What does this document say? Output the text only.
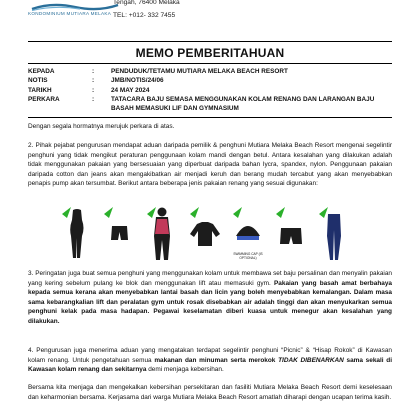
KONDOMINIUM MUTIARA MELAKA
Tengah, 76400 Melaka
TEL: +012- 332 7455
MEMO PEMBERITAHUAN
KEPADA	:	PENDUDUK/TETAMU MUTIARA MELAKA BEACH RESORT
NOTIS	:	JMB/NOTIS/24/06
TARIKH	:	24 MAY 2024
PERKARA	:	TATACARA BAJU SEMASA MENGGUNAKAN KOLAM RENANG DAN LARANGAN BAJU BASAH MEMASUKI LIF DAN GYMNASIUM
Dengan segala hormatnya merujuk perkara di atas.
2. Pihak pejabat pengurusan mendapat aduan daripada pemilik & penghuni Mutiara Melaka Beach Resort mengenai segelintir penghuni yang tidak mengikut peraturan penggunaan kolam mandi dengan betul. Antara kesalahan yang dilakukan adalah tidak menggunakan pakaian yang bersesuaian yang diperbuat daripada bahan lycra, spandex, nylon. Penggunaan pakaian daripada cotton dan jeans akan mengakibatkan air menjadi keruh dan berang mudah tercabut yang akan menyebabkan penapis pump akan tersumbat. Berikut antara beberapa jenis pakaian renang yang sesuai digunakan:
SWIMMING CAP (IS OPTIONAL)
3. Peringatan juga buat semua penghuni yang menggunakan kolam untuk membawa set baju persalinan dan menyalin pakaian yang kering sebelum pulang ke blok dan menggunakan lift atau memasuki gym. Pakaian yang basah amat berbahaya kepada semua kerana akan menyebabkan lantai basah dan licin yang boleh menyebabkan kemalangan. Dalam masa sama kebarangkalian lift dan peralatan gym untuk rosak disebabkan air adalah tinggi dan akan menyukarkan semua penghuni kelak pada masa hadapan. Pegawai keselamatan diberi kuasa untuk menegur akan kesalahan yang dilakukan.
4. Pengurusan juga menerima aduan yang mengatakan terdapat segelintir penghuni “Picnic” & “Hisap Rokok” di Kawasan kolam renang. Untuk pengetahuan semua makanan dan minuman serta merokok TIDAK DIBENARKAN sama sekali di Kawasan kolam renang dan sekitarnya demi menjaga kebersihan.
Bersama kita menjaga dan mengekalkan kebersihan persekitaran dan fasiliti Mutiara Melaka Beach Resort demi keselesaan dan keharmonian bersama. Kerjasama dari warga Mutiara Melaka Beach Resort amatlah diharapi dengan ucapan terima kasih.
